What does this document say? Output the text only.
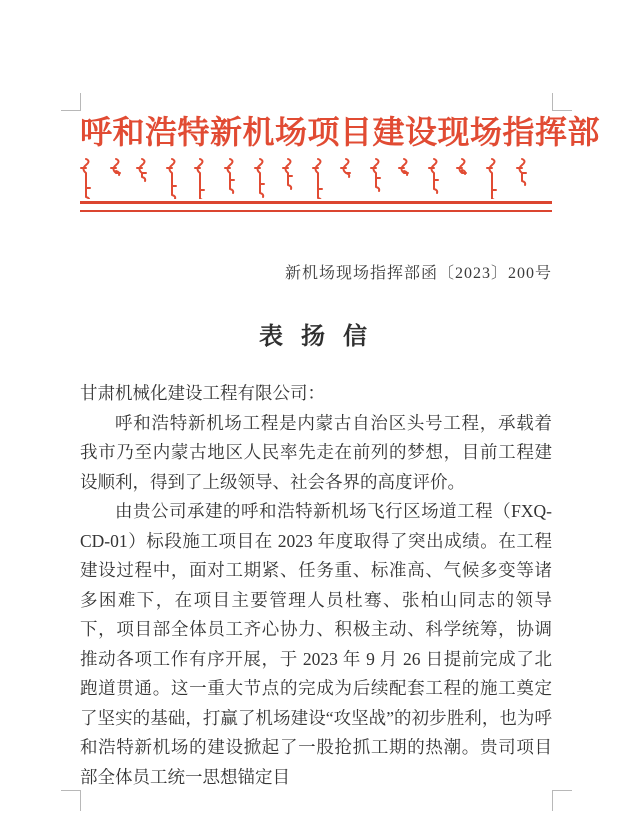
呼和浩特新机场项目建设现场指挥部
新机场现场指挥部函〔2023〕200号
表 扬 信

甘肃机械化建设工程有限公司：

呼和浩特新机场工程是内蒙古自治区头号工程，承载着我市乃至内蒙古地区人民率先走在前列的梦想，目前工程建设顺利，得到了上级领导、社会各界的高度评价。

由贵公司承建的呼和浩特新机场飞行区场道工程（FXQ-CD-01）标段施工项目在 2023 年度取得了突出成绩。在工程建设过程中，面对工期紧、任务重、标准高、气候多变等诸多困难下，在项目主要管理人员杜骞、张柏山同志的领导下，项目部全体员工齐心协力、积极主动、科学统筹，协调推动各项工作有序开展，于 2023 年 9 月 26 日提前完成了北跑道贯通。这一重大节点的完成为后续配套工程的施工奠定了坚实的基础，打赢了机场建设“攻坚战”的初步胜利，也为呼和浩特新机场的建设掀起了一股抢抓工期的热潮。贵司项目部全体员工统一思想锚定目
